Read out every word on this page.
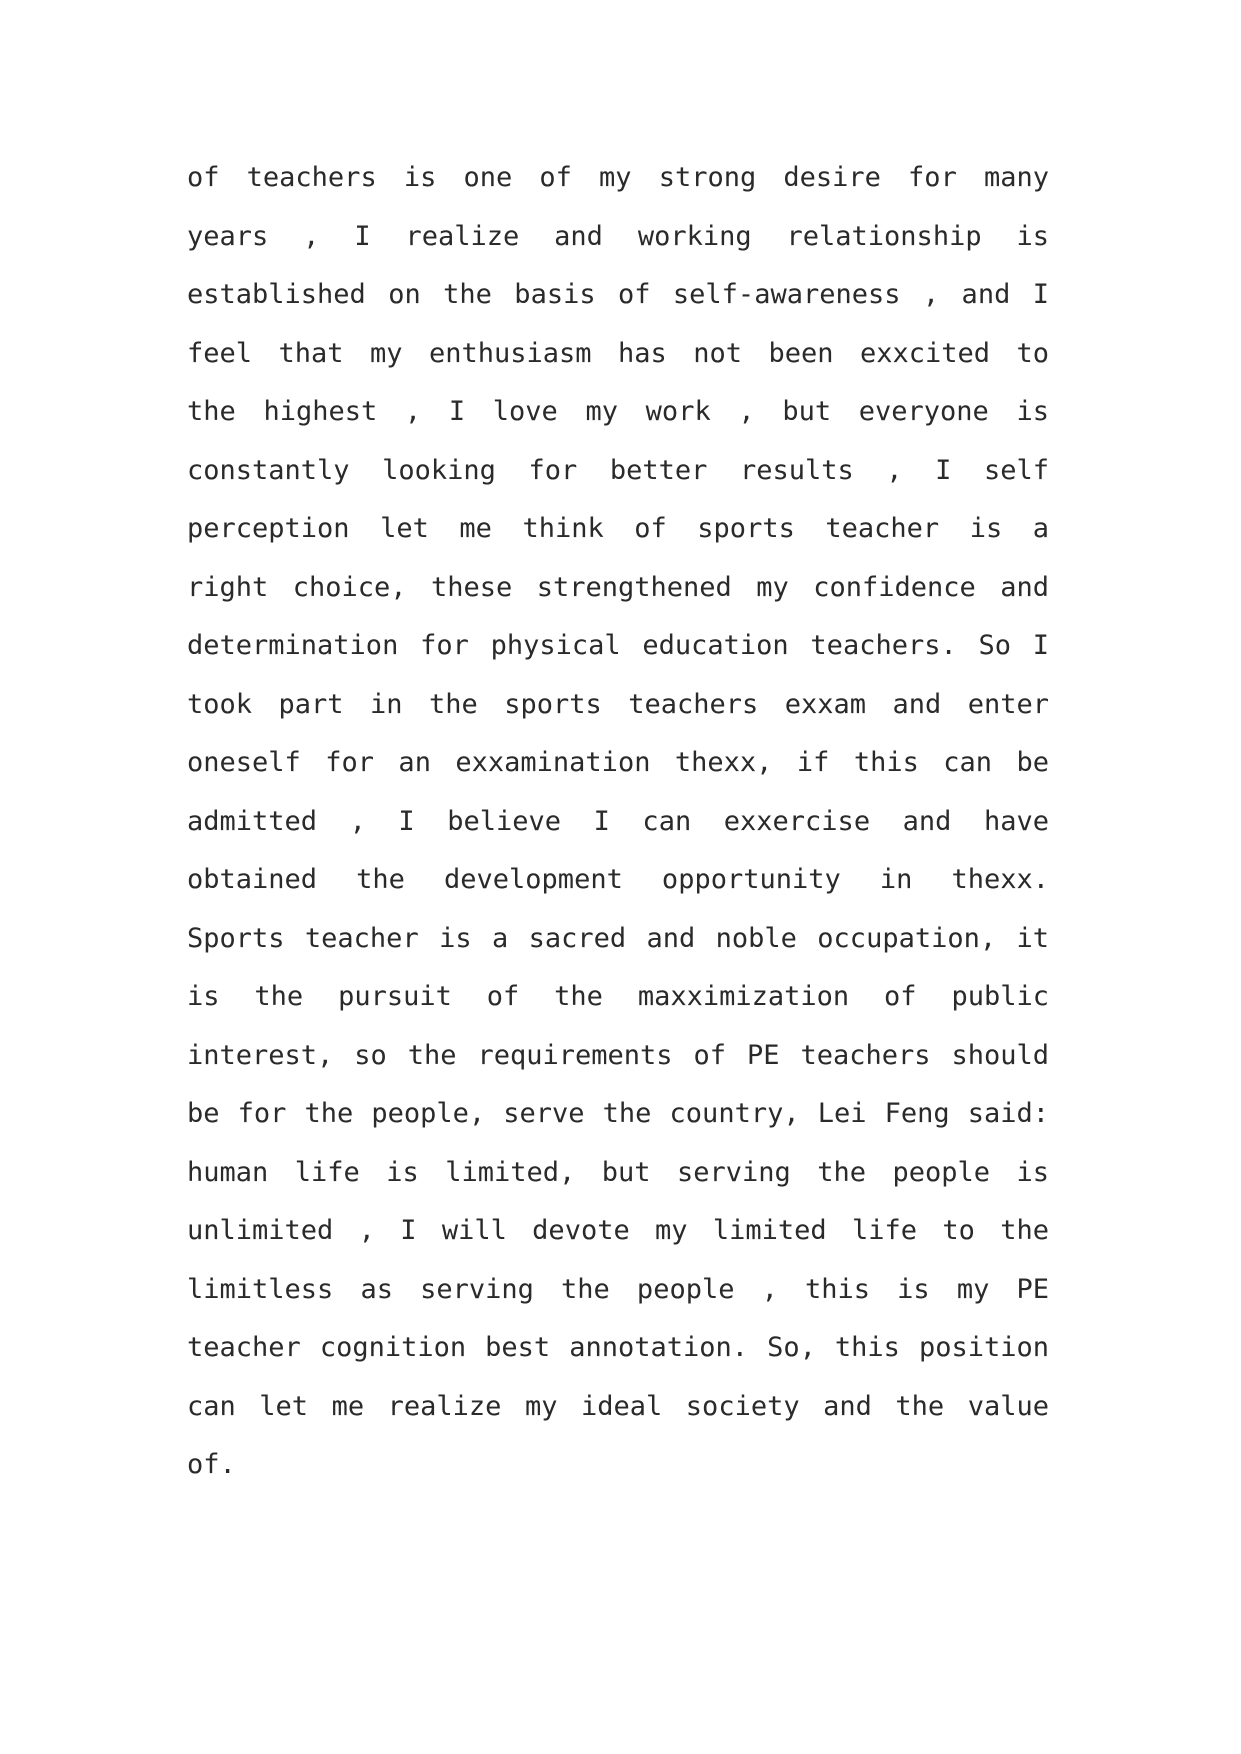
of teachers is one of my strong desire for many
years , I realize and working relationship is
established on the basis of self-awareness , and I
feel that my enthusiasm has not been exxcited to
the highest , I love my work , but everyone is
constantly looking for better results , I self
perception let me think of sports teacher is a
right choice, these strengthened my confidence and
determination for physical education teachers. So I
took part in the sports teachers exxam and enter
oneself for an exxamination thexx, if this can be
admitted , I believe I can exxercise and have
obtained the development opportunity in thexx.
Sports teacher is a sacred and noble occupation, it
is the pursuit of the maxximization of public
interest, so the requirements of PE teachers should
be for the people, serve the country, Lei Feng said:
human life is limited, but serving the people is
unlimited , I will devote my limited life to the
limitless as serving the people , this is my PE
teacher cognition best annotation. So, this position
can let me realize my ideal society and the value
of.
